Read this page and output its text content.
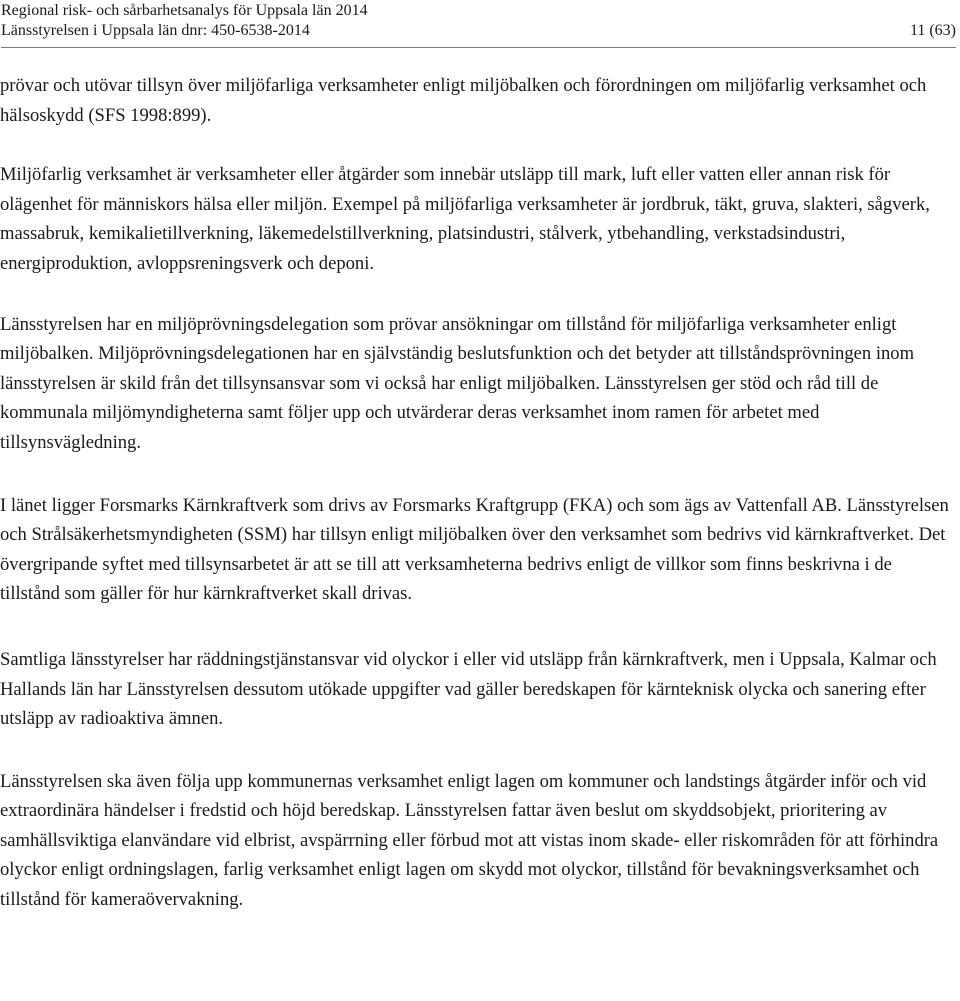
Regional risk- och sårbarhetsanalys för Uppsala län 2014
Länsstyrelsen i Uppsala län dnr: 450-6538-2014	11 (63)

prövar och utövar tillsyn över miljöfarliga verksamheter enligt miljöbalken och förordningen om miljöfarlig verksamhet och hälsoskydd (SFS 1998:899).

Miljöfarlig verksamhet är verksamheter eller åtgärder som innebär utsläpp till mark, luft eller vatten eller annan risk för olägenhet för människors hälsa eller miljön. Exempel på miljöfarliga verksamheter är jordbruk, täkt, gruva, slakteri, sågverk, massabruk, kemikalietillverkning, läkemedelstillverkning, platsindustri, stålverk, ytbehandling, verkstadsindustri, energiproduktion, avloppsreningsverk och deponi.

Länsstyrelsen har en miljöprövningsdelegation som prövar ansökningar om tillstånd för miljöfarliga verksamheter enligt miljöbalken. Miljöprövningsdelegationen har en självständig beslutsfunktion och det betyder att tillståndsprövningen inom länsstyrelsen är skild från det tillsynsansvar som vi också har enligt miljöbalken. Länsstyrelsen ger stöd och råd till de kommunala miljömyndigheterna samt följer upp och utvärderar deras verksamhet inom ramen för arbetet med tillsynsvägledning.

I länet ligger Forsmarks Kärnkraftverk som drivs av Forsmarks Kraftgrupp (FKA) och som ägs av Vattenfall AB. Länsstyrelsen och Strålsäkerhetsmyndigheten (SSM) har tillsyn enligt miljöbalken över den verksamhet som bedrivs vid kärnkraftverket. Det övergripande syftet med tillsynsarbetet är att se till att verksamheterna bedrivs enligt de villkor som finns beskrivna i de tillstånd som gäller för hur kärnkraftverket skall drivas.

Samtliga länsstyrelser har räddningstjänstansvar vid olyckor i eller vid utsläpp från kärnkraftverk, men i Uppsala, Kalmar och Hallands län har Länsstyrelsen dessutom utökade uppgifter vad gäller beredskapen för kärnteknisk olycka och sanering efter utsläpp av radioaktiva ämnen.

Länsstyrelsen ska även följa upp kommunernas verksamhet enligt lagen om kommuner och landstings åtgärder inför och vid extraordinära händelser i fredstid och höjd beredskap. Länsstyrelsen fattar även beslut om skyddsobjekt, prioritering av samhällsviktiga elanvändare vid elbrist, avspärrning eller förbud mot att vistas inom skade- eller riskområden för att förhindra olyckor enligt ordningslagen, farlig verksamhet enligt lagen om skydd mot olyckor, tillstånd för bevakningsverksamhet och tillstånd för kameraövervakning.
